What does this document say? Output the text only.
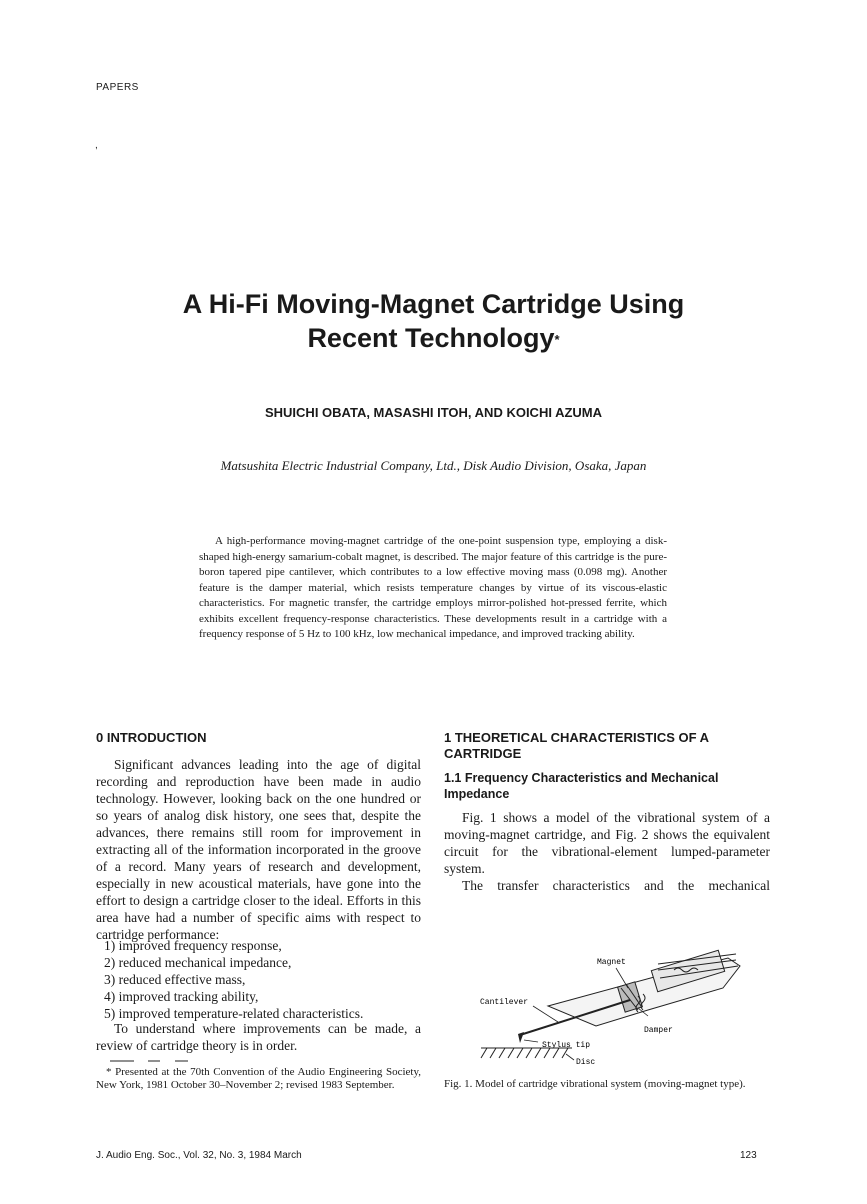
PAPERS
,
A Hi-Fi Moving-Magnet Cartridge Using
Recent Technology*
SHUICHI OBATA, MASASHI ITOH, AND KOICHI AZUMA
Matsushita Electric Industrial Company, Ltd., Disk Audio Division, Osaka, Japan

A high-performance moving-magnet cartridge of the one-point suspension type, employing a disk-shaped high-energy samarium-cobalt magnet, is described. The major feature of this cartridge is the pure-boron tapered pipe cantilever, which contributes to a low effective moving mass (0.098 mg). Another feature is the damper material, which resists temperature changes by virtue of its viscous-elastic characteristics. For magnetic transfer, the cartridge employs mirror-polished hot-pressed ferrite, which exhibits excellent frequency-response characteristics. These developments result in a cartridge with a frequency response of 5 Hz to 100 kHz, low mechanical impedance, and improved tracking ability.

0 INTRODUCTION

Significant advances leading into the age of digital recording and reproduction have been made in audio technology. However, looking back on the one hundred or so years of analog disk history, one sees that, despite the advances, there remains still room for improvement in extracting all of the information incorporated in the groove of a record. Many years of research and development, especially in new acoustical materials, have gone into the effort to design a cartridge closer to the ideal. Efforts in this area have had a number of specific aims with respect to cartridge performance:

1) improved frequency response,
2) reduced mechanical impedance,
3) reduced effective mass,
4) improved tracking ability,
5) improved temperature-related characteristics.

To understand where improvements can be made, a review of cartridge theory is in order.

* Presented at the 70th Convention of the Audio Engineering Society, New York, 1981 October 30–November 2; revised 1983 September.

1 THEORETICAL CHARACTERISTICS OF A CARTRIDGE
1.1 Frequency Characteristics and Mechanical Impedance

Fig. 1 shows a model of the vibrational system of a moving-magnet cartridge, and Fig. 2 shows the equivalent circuit for the vibrational-element lumped-parameter system.

The transfer characteristics and the mechanical

Magnet
Cantilever
Damper
Stylus tip
Disc

Fig. 1. Model of cartridge vibrational system (moving-magnet type).

J. Audio Eng. Soc., Vol. 32, No. 3, 1984 March	123
